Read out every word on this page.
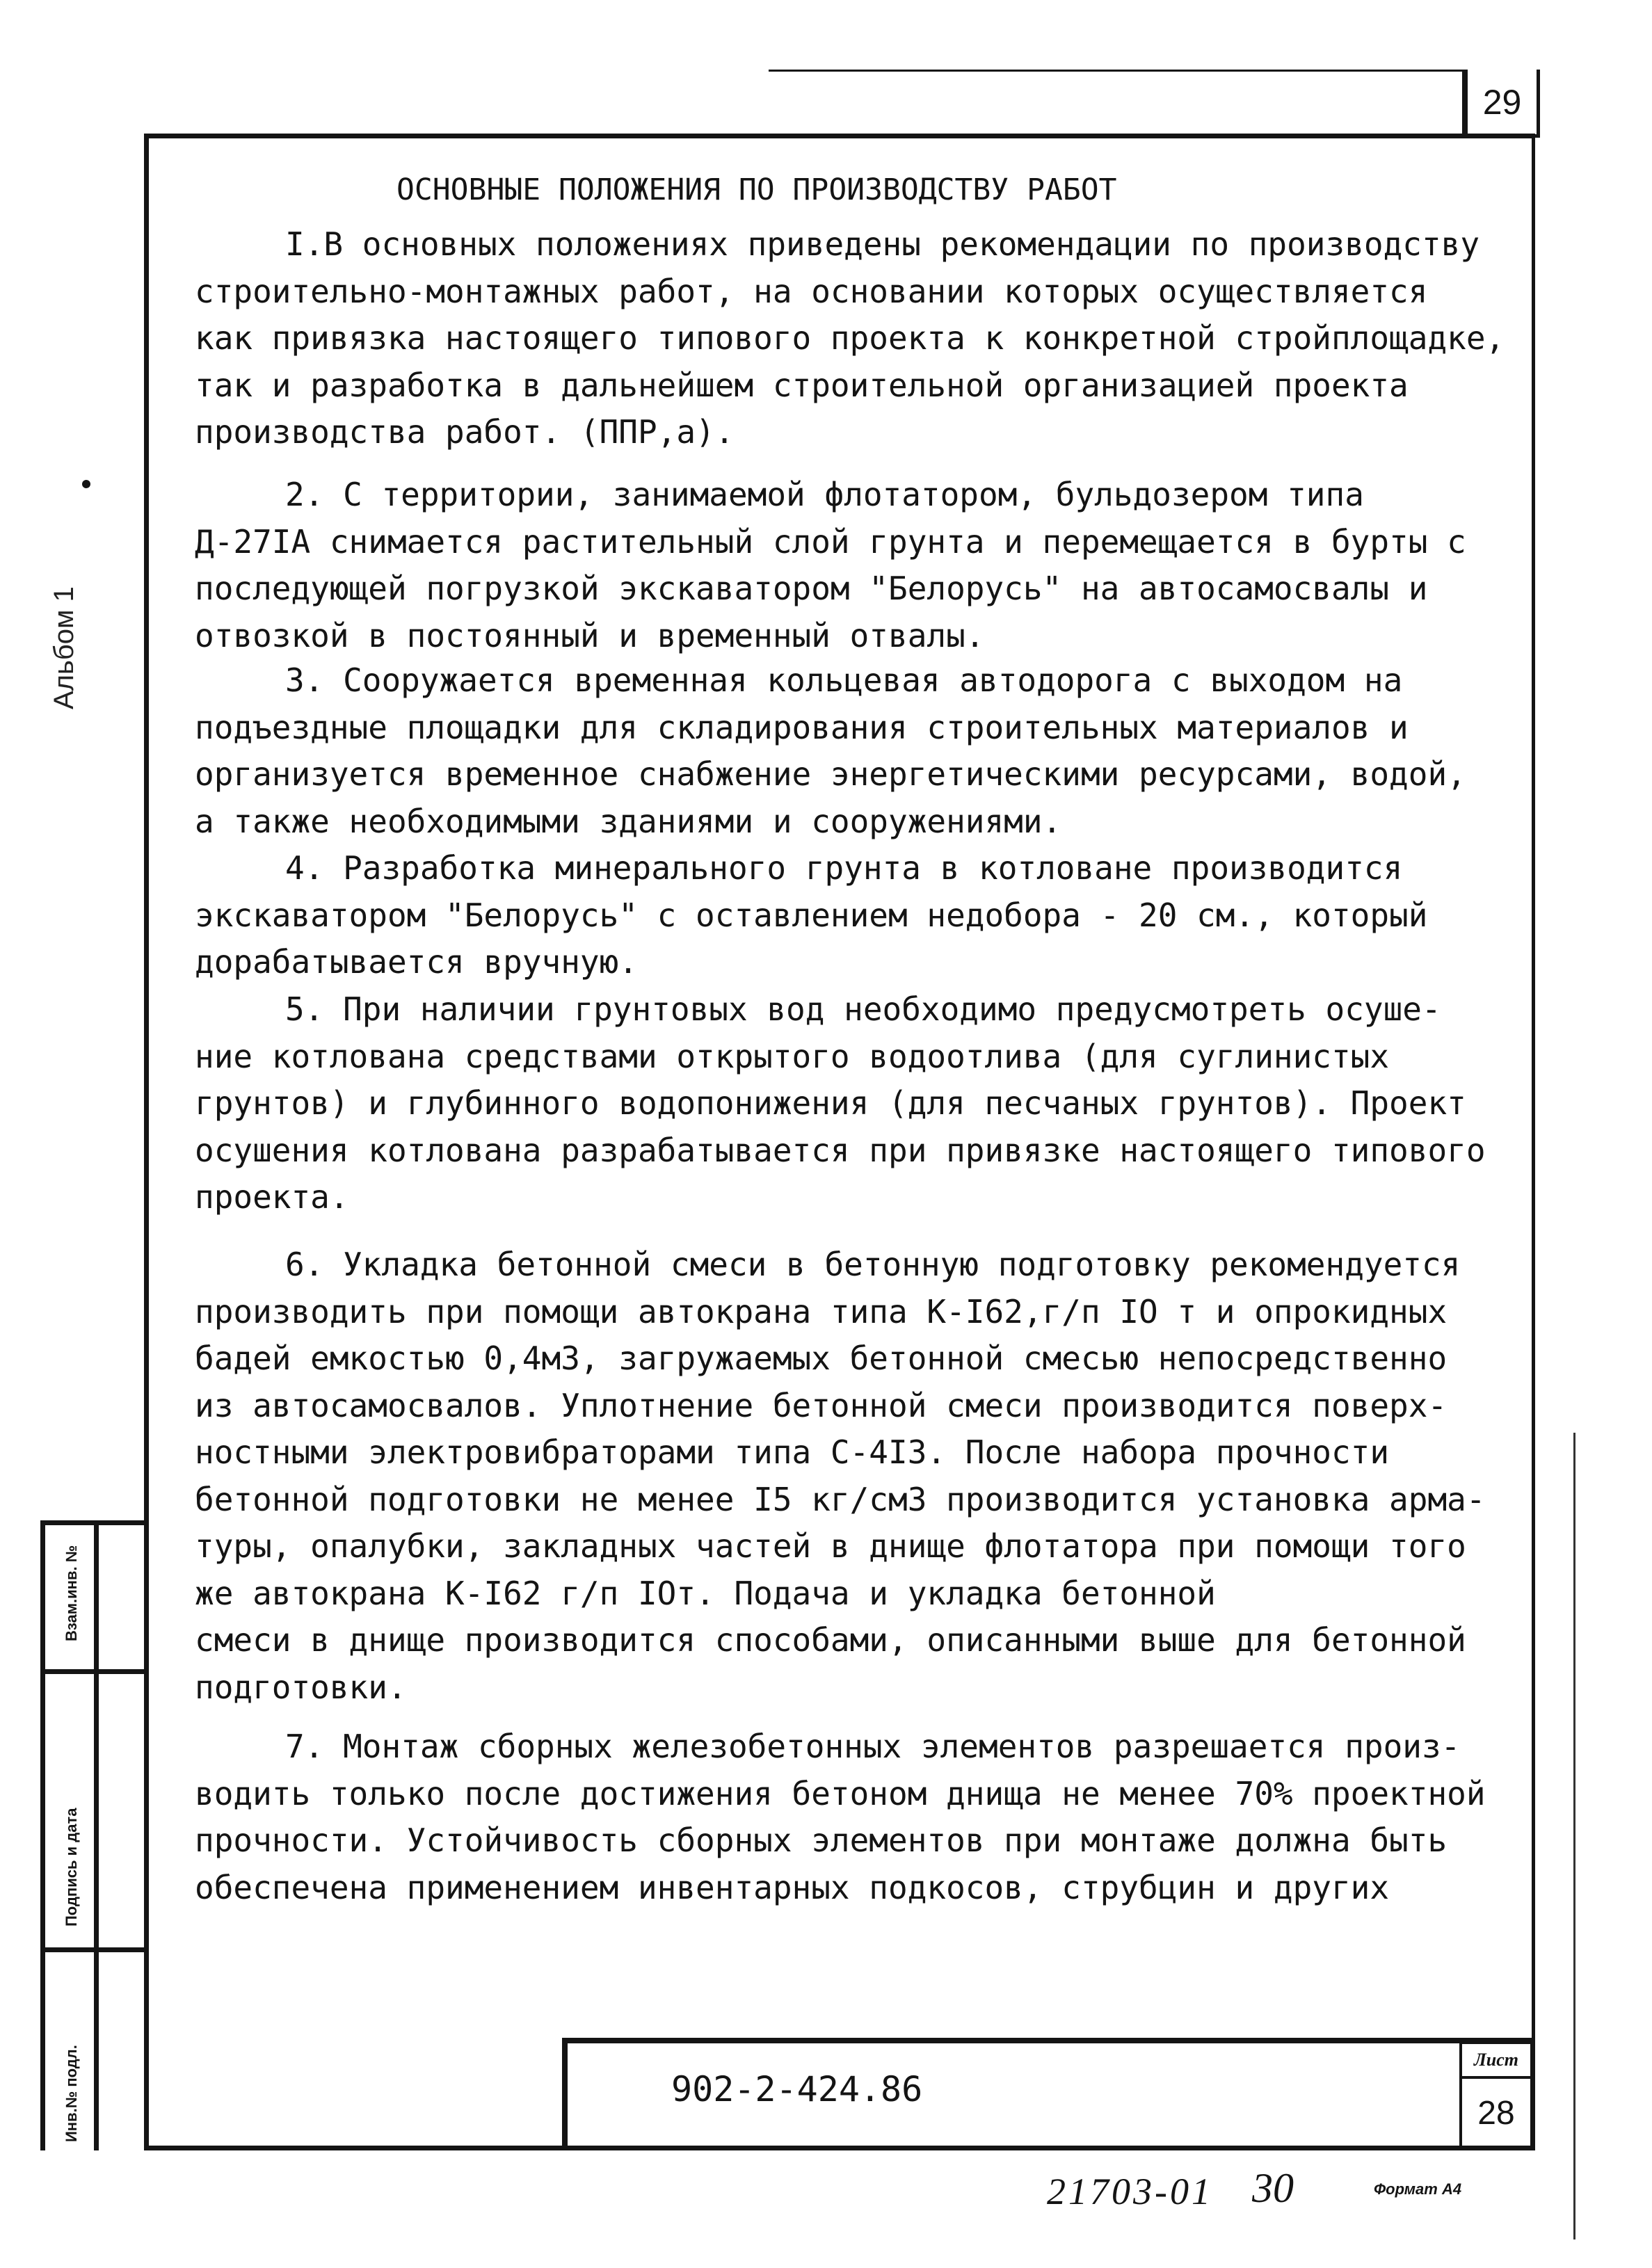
29
Альбом 1
Взам.инв. №
Подпись и дата
Инв.№ подл.
ОСНОВНЫЕ ПОЛОЖЕНИЯ ПО ПРОИЗВОДСТВУ РАБОТ
I.В основных положениях приведены рекомендации по производству
строительно-монтажных работ, на основании которых осуществляется
как привязка настоящего типового проекта к конкретной стройплощадке,
так и разработка в дальнейшем строительной организацией проекта
производства работ. (ППР,а).
2. С территории, занимаемой флотатором, бульдозером типа
Д-27IА снимается растительный слой грунта и перемещается в бурты с
последующей погрузкой экскаватором "Белорусь" на автосамосвалы и
отвозкой в постоянный и временный отвалы.
3. Сооружается временная кольцевая автодорога с выходом на
подъездные площадки для складирования строительных материалов и
организуется временное снабжение энергетическими ресурсами, водой,
а также необходимыми зданиями и сооружениями.
4. Разработка минерального грунта в котловане производится
экскаватором "Белорусь" с оставлением недобора - 20 см., который
дорабатывается вручную.
5. При наличии грунтовых вод необходимо предусмотреть осуше-
ние котлована средствами открытого водоотлива (для суглинистых
грунтов) и глубинного водопонижения (для песчаных грунтов). Проект
осушения котлована разрабатывается при привязке настоящего типового
проекта.
6. Укладка бетонной смеси в бетонную подготовку рекомендуется
производить при помощи автокрана типа К-I62,г/п IO т и опрокидных
бадей емкостью 0,4м3, загружаемых бетонной смесью непосредственно
из автосамосвалов. Уплотнение бетонной смеси производится поверх-
ностными электровибраторами типа С-4I3. После набора прочности
бетонной подготовки не менее I5 кг/см3 производится установка арма-
туры, опалубки, закладных частей в днище флотатора при помощи того
же автокрана К-I62 г/п IOт. Подача и укладка бетонной
смеси в днище производится способами, описанными выше для бетонной
подготовки.
7. Монтаж сборных железобетонных элементов разрешается произ-
водить только после достижения бетоном днища не менее 70% проектной
прочности. Устойчивость сборных элементов при монтаже должна быть
обеспечена применением инвентарных подкосов, струбцин и других
902-2-424.86
Лист
28
21703-01 30	Формат А4
